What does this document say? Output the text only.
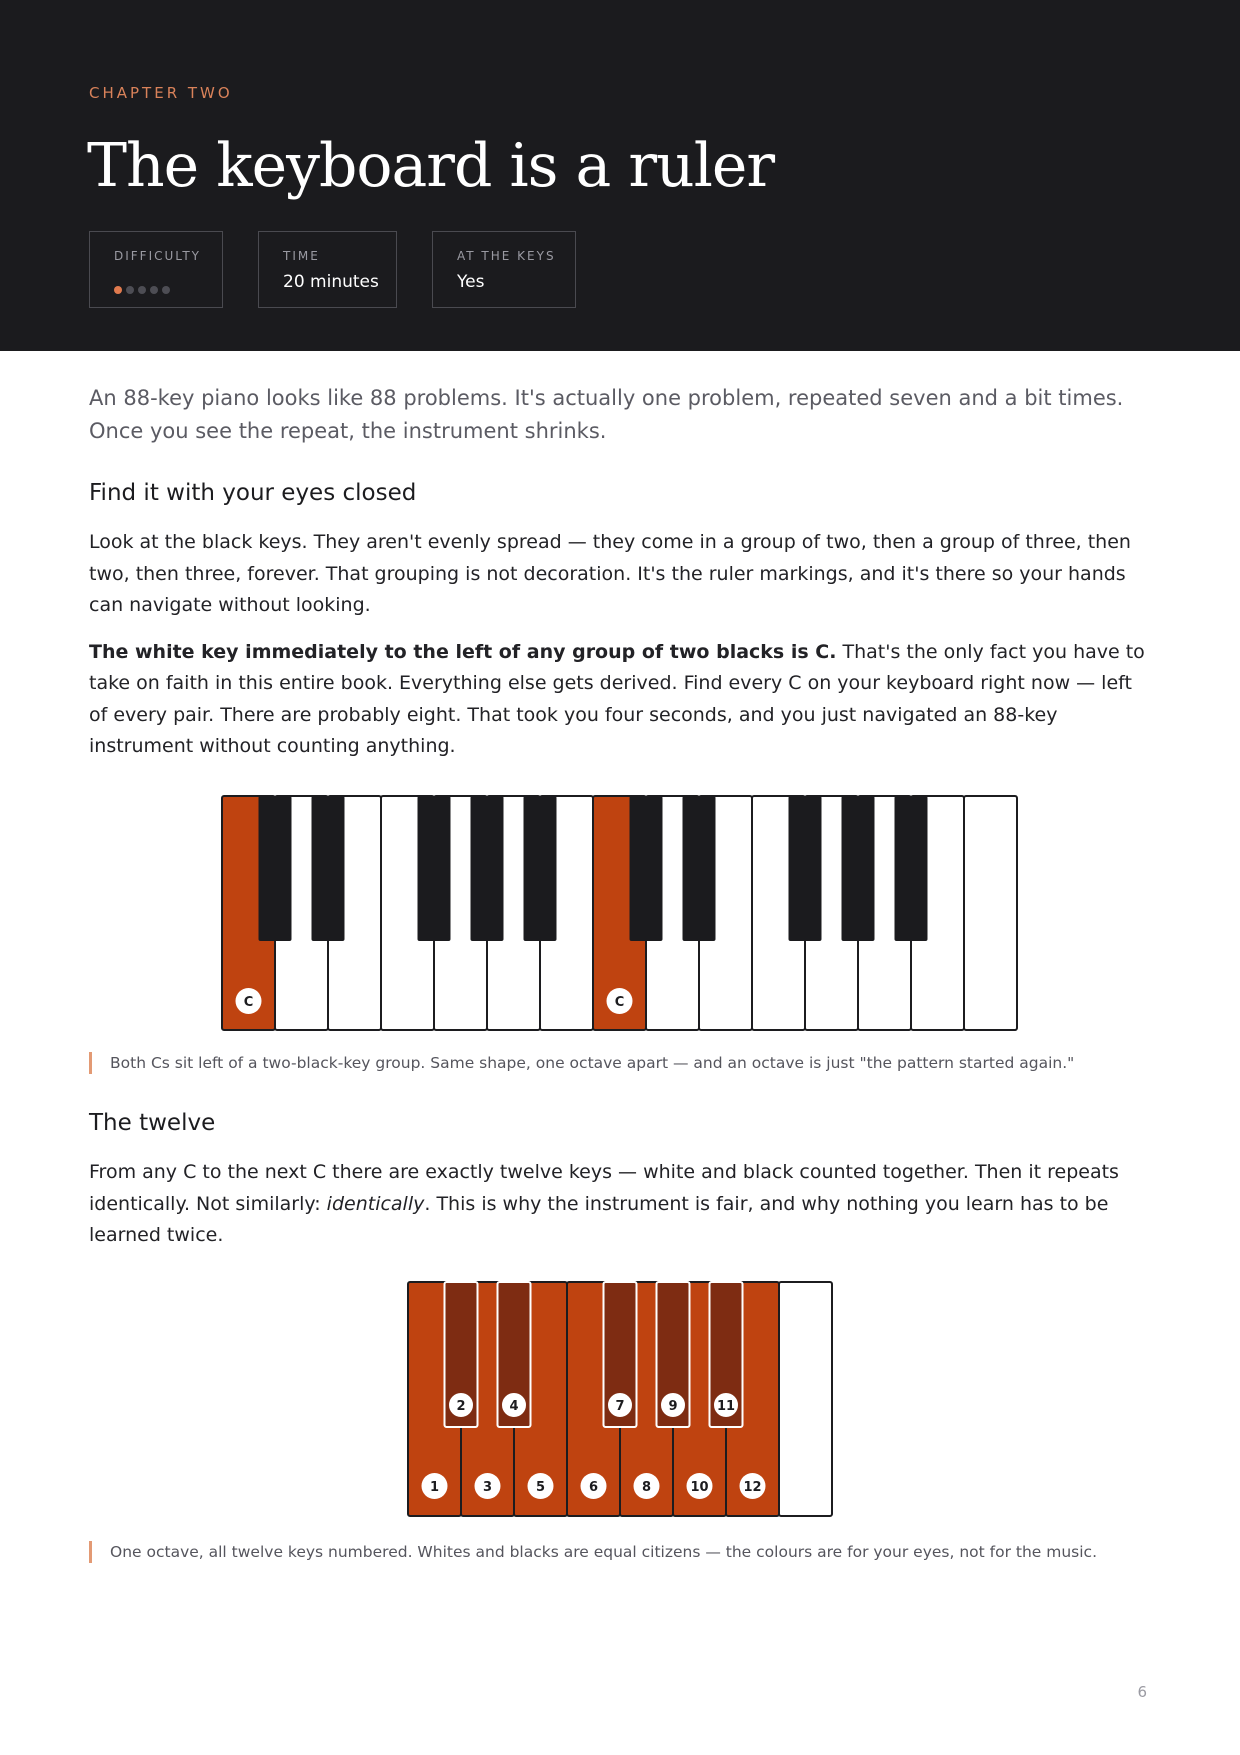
CHAPTER TWO
The keyboard is a ruler
DIFFICULTY	TIME
20 minutes
AT THE KEYS
Yes

An 88-key piano looks like 88 problems. It's actually one problem, repeated seven and a bit times. Once you see the repeat, the instrument shrinks.

Find it with your eyes closed

Look at the black keys. They aren't evenly spread — they come in a group of two, then a group of three, then two, then three, forever. That grouping is not decoration. It's the ruler markings, and it's there so your hands can navigate without looking.

The white key immediately to the left of any group of two blacks is C. That's the only fact you have to take on faith in this entire book. Everything else gets derived. Find every C on your keyboard right now — left of every pair. There are probably eight. That took you four seconds, and you just navigated an 88-key instrument without counting anything.

C	C
Both Cs sit left of a two-black-key group. Same shape, one octave apart — and an octave is just "the pattern started again."
The twelve

From any C to the next C there are exactly twelve keys — white and black counted together. Then it repeats identically. Not similarly: identically. This is why the instrument is fair, and why nothing you learn has to be learned twice.

2	4	7	9	11
1	3	5	6	8	10	12
One octave, all twelve keys numbered. Whites and blacks are equal citizens — the colours are for your eyes, not for the music.
6
